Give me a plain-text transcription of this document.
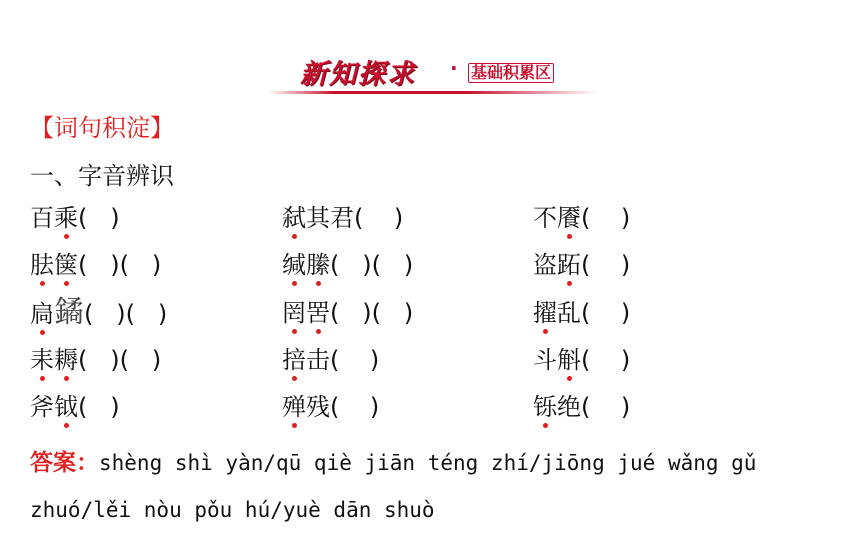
新知探求 · 基础积累区
【词句积淀】
一、字音辨识
百乘(   )	弑其君(    )	不餍(    )
胠箧(   )(   )	缄縢(   )(   )	盗跖(    )
扃鐍(   )(   )	罔罟(   )(   )	擢乱(    )
耒耨(   )(   )	掊击(    )	斗斛(    )
斧钺(   )	殚残(    )	铄绝(    )
答案：shèng shì yàn/qū qiè jiān téng zhí/jiōng jué wǎng gǔ
zhuó/lěi nòu pǒu hú/yuè dān shuò
